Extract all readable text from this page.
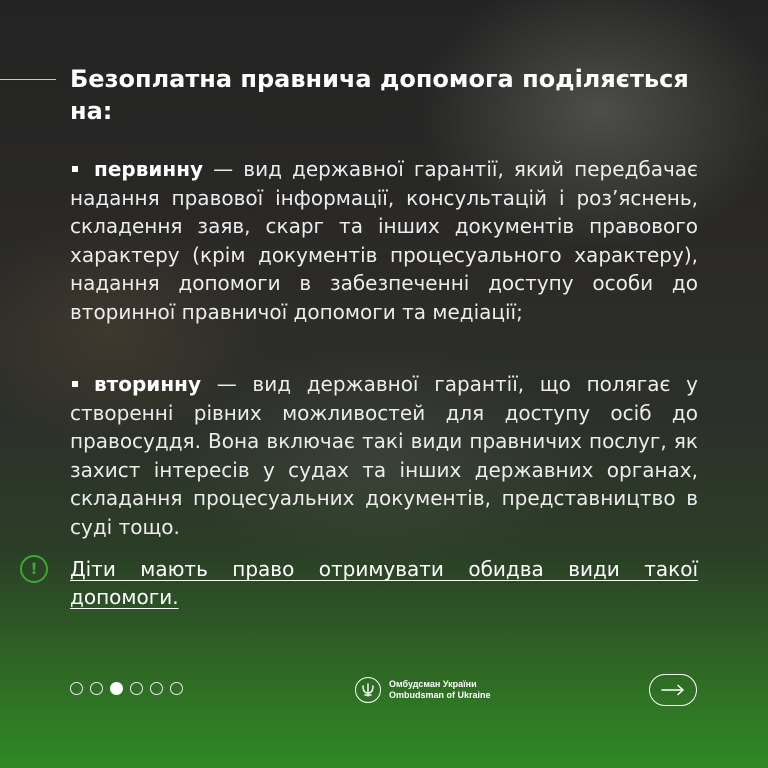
Безоплатна правнича допомога поділяється на:
первинну — вид державної гарантії, який передбачає надання правової інформації, консультацій і роз’яснень, складення заяв, скарг та інших документів правового характеру (крім документів процесуального характеру), надання допомоги в забезпеченні доступу особи до вторинної правничої допомоги та медіації;
вторинну — вид державної гарантії, що полягає у створенні рівних можливостей для доступу осіб до правосуддя. Вона включає такі види правничих послуг, як захист інтересів у судах та інших державних органах, складання процесуальних документів, представництво в суді тощо.
! Діти мають право отримувати обидва види такої допомоги.
Омбудсман України
Ombudsman of Ukraine
